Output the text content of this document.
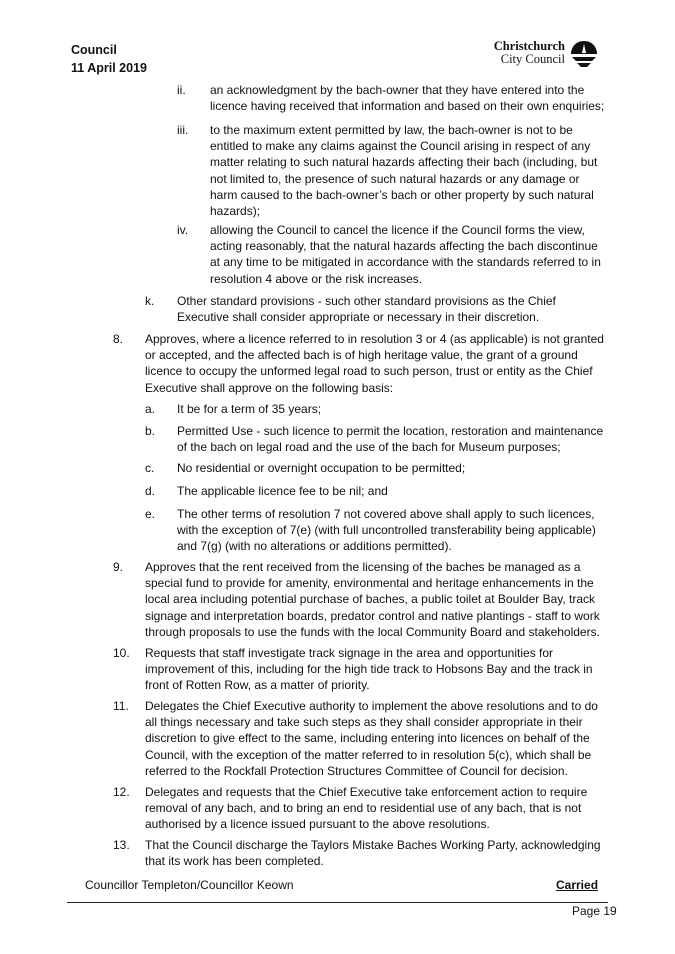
Council
11 April 2019
Christchurch
City Council
ii. an acknowledgment by the bach-owner that they have entered into the licence having received that information and based on their own enquiries;
iii. to the maximum extent permitted by law, the bach-owner is not to be entitled to make any claims against the Council arising in respect of any matter relating to such natural hazards affecting their bach (including, but not limited to, the presence of such natural hazards or any damage or harm caused to the bach-owner’s bach or other property by such natural hazards);
iv. allowing the Council to cancel the licence if the Council forms the view, acting reasonably, that the natural hazards affecting the bach discontinue at any time to be mitigated in accordance with the standards referred to in resolution 4 above or the risk increases.
k. Other standard provisions - such other standard provisions as the Chief Executive shall consider appropriate or necessary in their discretion.
8. Approves, where a licence referred to in resolution 3 or 4 (as applicable) is not granted or accepted, and the affected bach is of high heritage value, the grant of a ground licence to occupy the unformed legal road to such person, trust or entity as the Chief Executive shall approve on the following basis:
a. It be for a term of 35 years;
b. Permitted Use - such licence to permit the location, restoration and maintenance of the bach on legal road and the use of the bach for Museum purposes;
c. No residential or overnight occupation to be permitted;
d. The applicable licence fee to be nil; and
e. The other terms of resolution 7 not covered above shall apply to such licences, with the exception of 7(e) (with full uncontrolled transferability being applicable) and 7(g) (with no alterations or additions permitted).
9. Approves that the rent received from the licensing of the baches be managed as a special fund to provide for amenity, environmental and heritage enhancements in the local area including potential purchase of baches, a public toilet at Boulder Bay, track signage and interpretation boards, predator control and native plantings - staff to work through proposals to use the funds with the local Community Board and stakeholders.
10. Requests that staff investigate track signage in the area and opportunities for improvement of this, including for the high tide track to Hobsons Bay and the track in front of Rotten Row, as a matter of priority.
11. Delegates the Chief Executive authority to implement the above resolutions and to do all things necessary and take such steps as they shall consider appropriate in their discretion to give effect to the same, including entering into licences on behalf of the Council, with the exception of the matter referred to in resolution 5(c), which shall be referred to the Rockfall Protection Structures Committee of Council for decision.
12. Delegates and requests that the Chief Executive take enforcement action to require removal of any bach, and to bring an end to residential use of any bach, that is not authorised by a licence issued pursuant to the above resolutions.
13. That the Council discharge the Taylors Mistake Baches Working Party, acknowledging that its work has been completed.
Councillor Templeton/Councillor Keown	Carried
Page 19
